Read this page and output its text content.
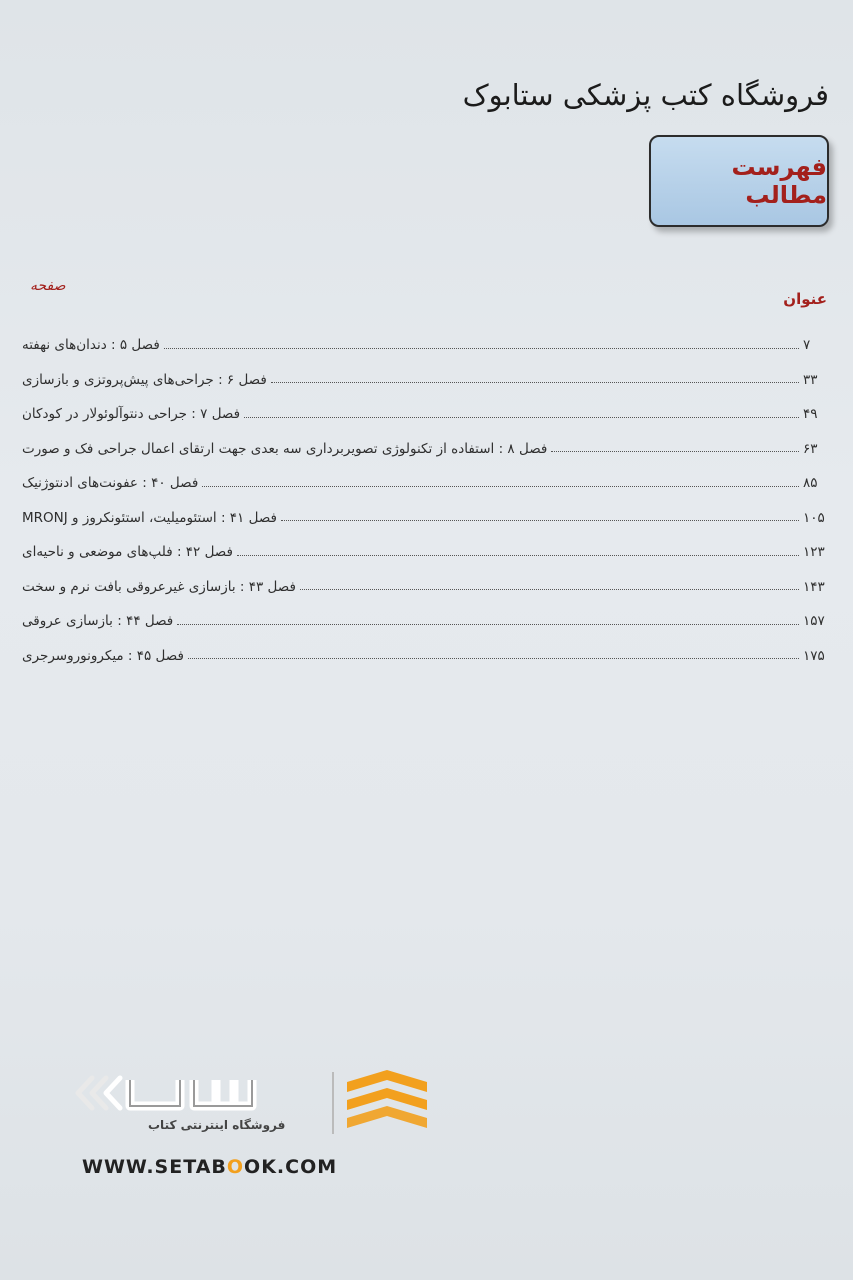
فروشگاه کتب پزشکی ستابوک
فهرست مطالب
عنوان
صفحه
فصل ۵ : دندان‌های نهفته	۷
فصل ۶ : جراحی‌های پیش‌پروتزی و بازسازی	۳۳
فصل ۷ : جراحی دنتوآلوئولار در کودکان	۴۹
فصل ۸ : استفاده از تکنولوژی تصویربرداری سه بعدی جهت ارتقای اعمال جراحی فک و صورت	۶۳
فصل ۴۰ : عفونت‌های ادنتوژنیک	۸۵
فصل ۴۱ : استئومیلیت، استئونکروز و MRONJ	۱۰۵
فصل ۴۲ : فلپ‌های موضعی و ناحیه‌ای	۱۲۳
فصل ۴۳ : بازسازی غیرعروقی بافت نرم و سخت	۱۴۳
فصل ۴۴ : بازسازی عروقی	۱۵۷
فصل ۴۵ : میکرونوروسرجری	۱۷۵
فروشگاه اینترنتی کتاب
WWW.SETABOOK.COM
